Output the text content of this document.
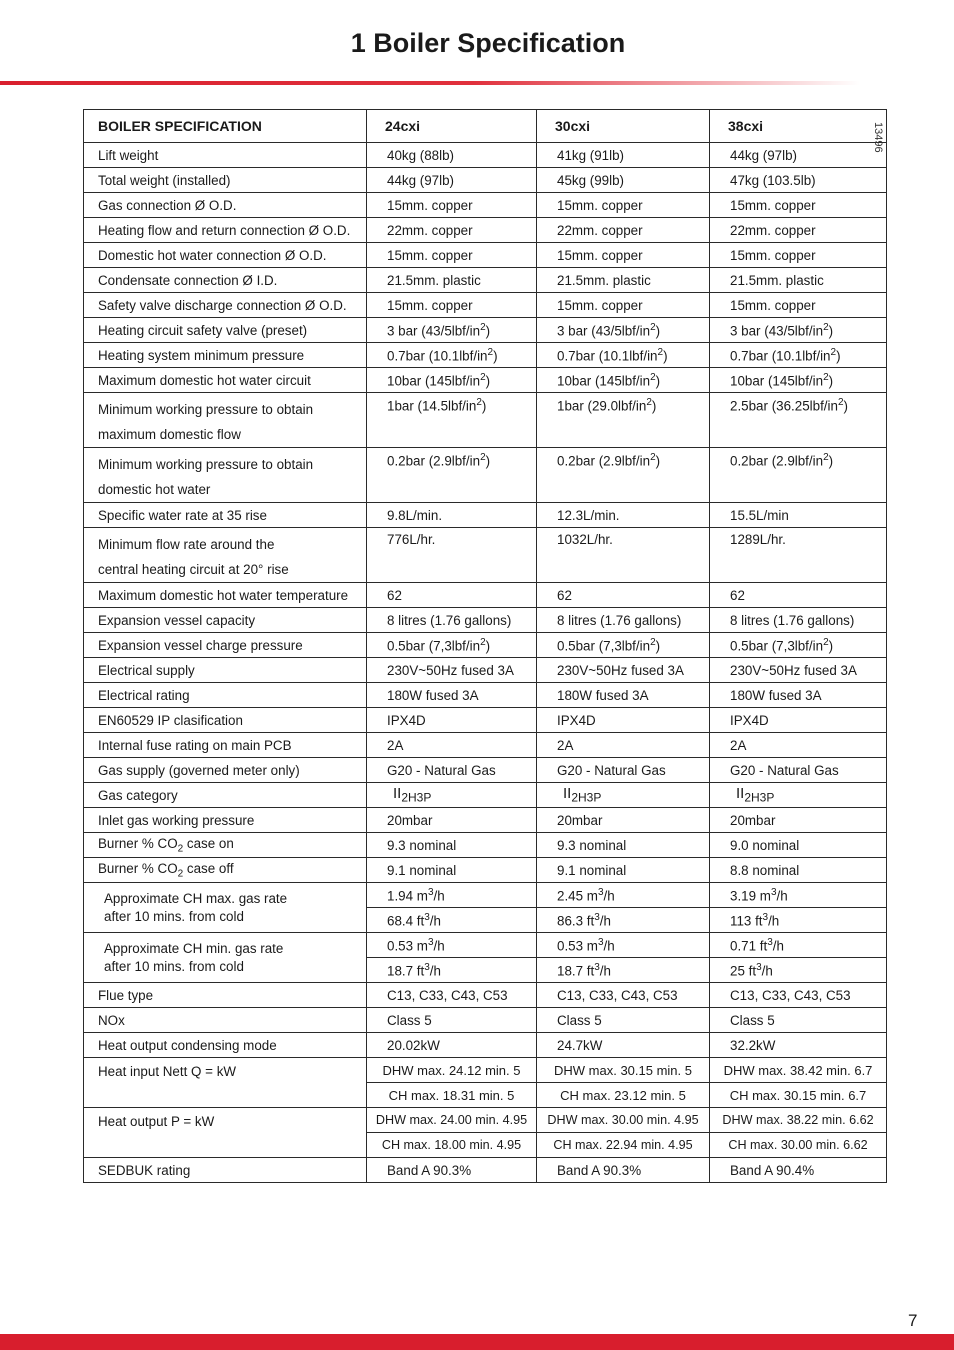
1 Boiler Specification
13496
BOILER SPECIFICATION	24cxi	30cxi	38cxi
Lift weight	40kg (88lb)	41kg (91lb)	44kg (97lb)
Total weight (installed)	44kg (97lb)	45kg (99lb)	47kg (103.5lb)
Gas connection Ø O.D.	15mm. copper	15mm. copper	15mm. copper
Heating flow and return connection Ø O.D.	22mm. copper	22mm. copper	22mm. copper
Domestic hot water connection Ø O.D.	15mm. copper	15mm. copper	15mm. copper
Condensate connection Ø I.D.	21.5mm. plastic	21.5mm. plastic	21.5mm. plastic
Safety valve discharge connection Ø O.D.	15mm. copper	15mm. copper	15mm. copper
Heating circuit safety valve (preset)	3 bar $(43/5lbf/in^2)$	3 bar $(43/5lbf/in^2)$	3 bar $(43/5lbf/in^2)$
Heating system minimum pressure	0.7bar $(10.1lbf/in^2)$	0.7bar $(10.1lbf/in^2)$	0.7bar $(10.1lbf/in^2)$
Maximum domestic hot water circuit	10bar $(145lbf/in^2)$	10bar $(145lbf/in^2)$	10bar $(145lbf/in^2)$
Minimum working pressure to obtain
maximum domestic flow	1bar $(14.5lbf/in^2)$	1bar $(29.0lbf/in^2)$	2.5bar $(36.25lbf/in^2)$
Minimum working pressure to obtain
domestic hot water	0.2bar $(2.9lbf/in^2)$	0.2bar $(2.9lbf/in^2)$	0.2bar $(2.9lbf/in^2)$
Specific water rate at 35 rise	9.8L/min.	12.3L/min.	15.5L/min
Minimum flow rate around the
central heating circuit at 20° rise	776L/hr.	1032L/hr.	1289L/hr.
Maximum domestic hot water temperature	62	62	62
Expansion vessel capacity	8 litres (1.76 gallons)	8 litres (1.76 gallons)	8 litres (1.76 gallons)
Expansion vessel charge pressure	0.5bar $(7,3lbf/in^2)$	0.5bar $(7,3lbf/in^2)$	0.5bar $(7,3lbf/in^2)$
Electrical supply	230V~50Hz fused 3A	230V~50Hz fused 3A	230V~50Hz fused 3A
Electrical rating	180W fused 3A	180W fused 3A	180W fused 3A
EN60529 IP clasification	IPX4D	IPX4D	IPX4D
Internal fuse rating on main PCB	2A	2A	2A
Gas supply (governed meter only)	G20 - Natural Gas	G20 - Natural Gas	G20 - Natural Gas
Gas category	$II_{2H3P}$	$II_{2H3P}$	$II_{2H3P}$
Inlet gas working pressure	20mbar	20mbar	20mbar
Burner % $CO_2$ case on	9.3 nominal	9.3 nominal	9.0 nominal
Burner % $CO_2$ case off	9.1 nominal	9.1 nominal	8.8 nominal
Approximate CH max. gas rate
after 10 mins. from cold	1.94 $m^3/h$	2.45 $m^3/h$	3.19 $m^3/h$
	68.4 $ft^3/h$	86.3 $ft^3/h$	113 $ft^3/h$
Approximate CH min. gas rate
after 10 mins. from cold	0.53 $m^3/h$	0.53 $m^3/h$	0.71 $ft^3/h$
	18.7 $ft^3/h$	18.7 $ft^3/h$	25 $ft^3/h$
Flue type	C13, C33, C43, C53	C13, C33, C43, C53	C13, C33, C43, C53
NOx	Class 5	Class 5	Class 5
Heat output condensing mode	20.02kW	24.7kW	32.2kW
Heat input Nett Q = kW	DHW max. 24.12 min. 5	DHW max. 30.15 min. 5	DHW max. 38.42 min. 6.7
	CH max. 18.31 min. 5	CH max. 23.12 min. 5	CH max. 30.15 min. 6.7
Heat output P = kW	DHW max. 24.00 min. 4.95	DHW max. 30.00 min. 4.95	DHW max. 38.22 min. 6.62
	CH max. 18.00 min. 4.95	CH max. 22.94 min. 4.95	CH max. 30.00 min. 6.62
SEDBUK rating	Band A 90.3%	Band A 90.3%	Band A 90.4%
7
